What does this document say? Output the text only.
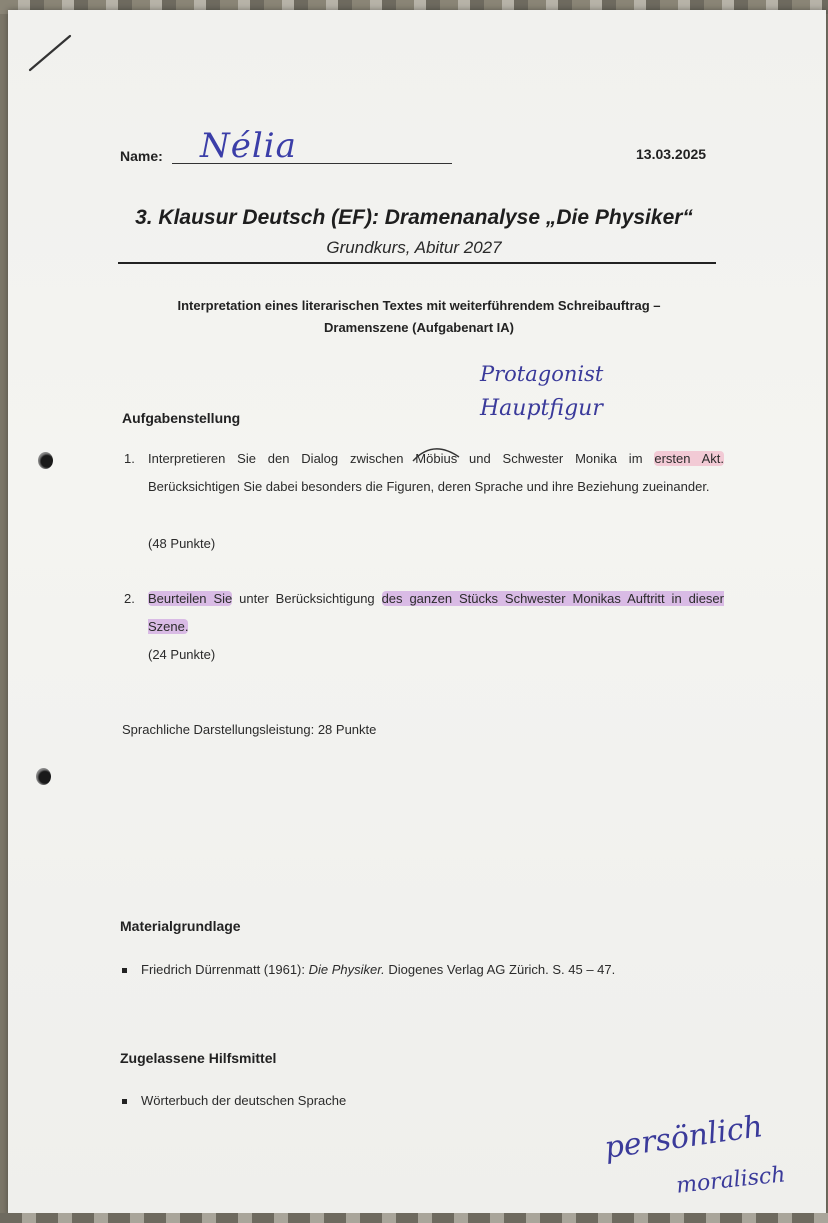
Name: Nélia	13.03.2025
3. Klausur Deutsch (EF): Dramenanalyse „Die Physiker“
Grundkurs, Abitur 2027
Interpretation eines literarischen Textes mit weiterführendem Schreibauftrag –
Dramenszene (Aufgabenart IA)
Protagonist
Hauptfigur
Aufgabenstellung
1. Interpretieren Sie den Dialog zwischen Möbius
und Schwester Monika im ersten Akt. Berücksichtigen Sie dabei besonders die Figuren, deren Sprache und ihre Beziehung zueinander.
(48 Punkte)
2. Beurteilen Sie unter Berücksichtigung des ganzen Stücks Schwester Monikas Auftritt in dieser Szene.
(24 Punkte)
Sprachliche Darstellungsleistung: 28 Punkte
Materialgrundlage
Friedrich Dürrenmatt (1961): Die Physiker. Diogenes Verlag AG Zürich. S. 45 – 47.
Zugelassene Hilfsmittel
Wörterbuch der deutschen Sprache
persönlich
moralisch
